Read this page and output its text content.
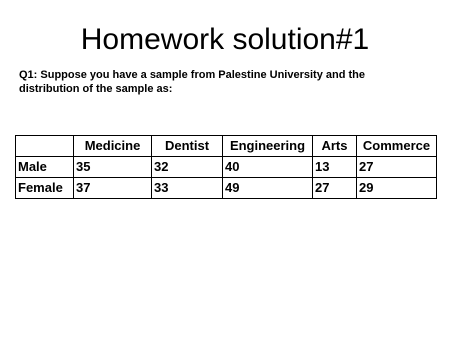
Homework solution#1
Q1: Suppose you have a sample from Palestine University and the
distribution of the sample as:
	Medicine	Dentist	Engineering	Arts	Commerce
Male	35	32	40	13	27
Female	37	33	49	27	29
